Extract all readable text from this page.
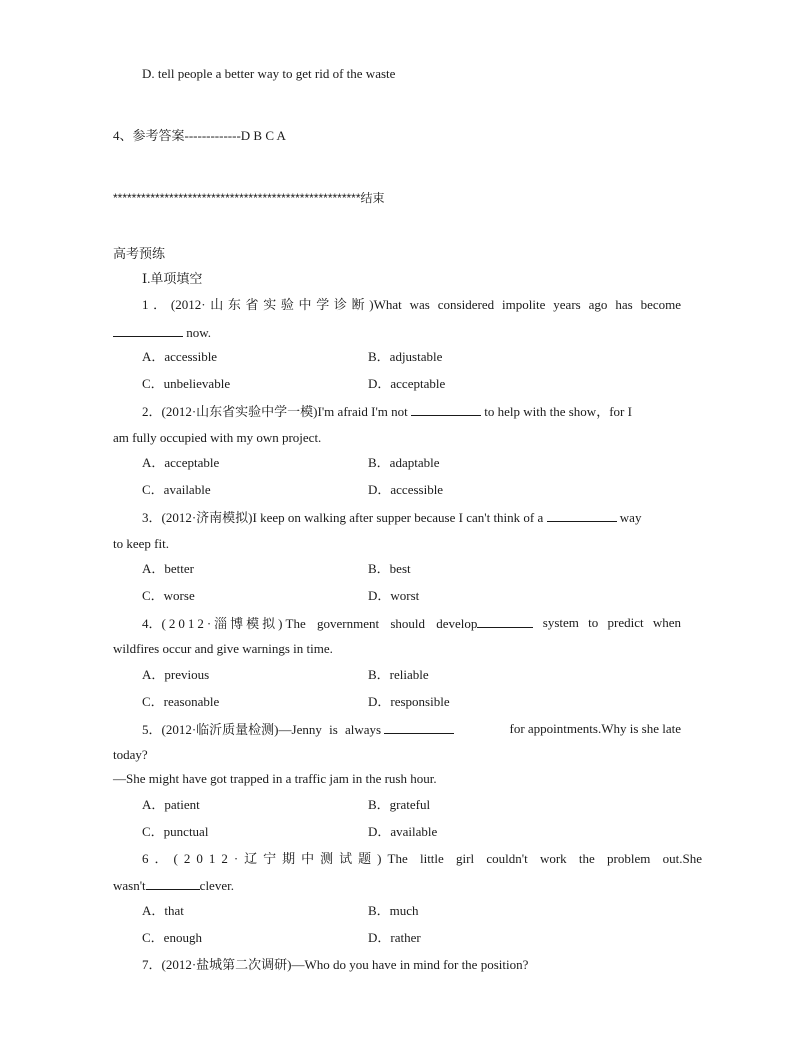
D. tell people a better way to get rid of the waste
4、参考答案-------------D B C A
*****************************************************结束
高考预练
Ⅰ.单项填空
1．(2012·山东省实验中学诊断)What was considered impolite years ago has become
now.
A．accessible	B．adjustable
C．unbelievable	D．acceptable
2．(2012·山东省实验中学一模)I'm afraid I'm not	to help with the show，for I
am fully occupied with my own project.
A．acceptable	B．adaptable
C．available	D．accessible
3．(2012·济南模拟)I keep on walking after supper because I can't think of a	way
to keep fit.
A．better	B．best
C．worse	D．worst
4．(2012·淄博模拟)The government should develop	system to predict when
wildfires occur and give warnings in time.
A．previous	B．reliable
C．reasonable	D．responsible
5．(2012·临沂质量检测)—Jenny is always	for appointments.Why is she late
today?
—She might have got trapped in a traffic jam in the rush hour.
A．patient	B．grateful
C．punctual	D．available
6．(2012·辽宁期中测试题) The little girl couldn't work the problem out.She
wasn't	clever.
A．that	B．much
C．enough	D．rather
7．(2012·盐城第二次调研)—Who do you have in mind for the position?
